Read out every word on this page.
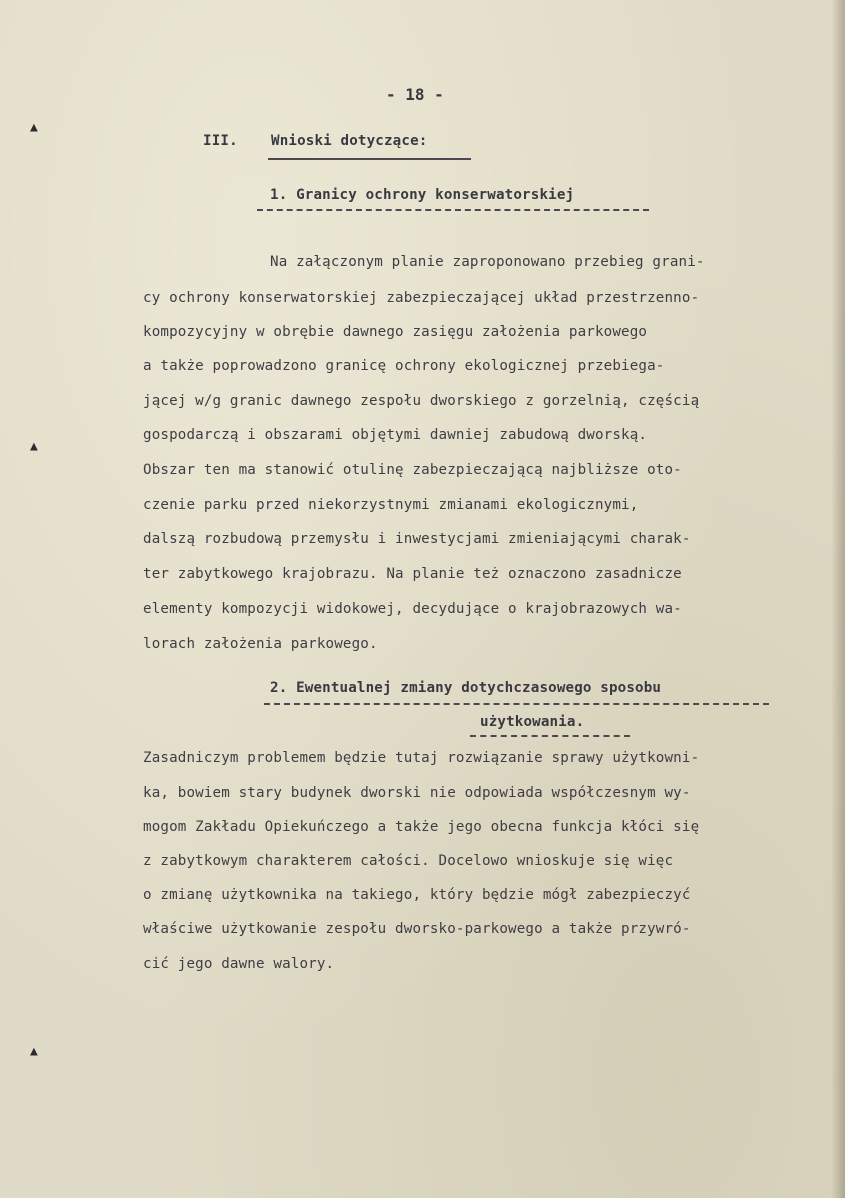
▲
▲
▲
- 18 -
III. Wnioski dotyczące:
1. Granicy ochrony konserwatorskiej
Na załączonym planie zaproponowano przebieg grani-
cy ochrony konserwatorskiej zabezpieczającej układ przestrzenno-
kompozycyjny w obrębie dawnego zasięgu założenia parkowego
a także poprowadzono granicę ochrony ekologicznej przebiega-
jącej w/g granic dawnego zespołu dworskiego z gorzelnią, częścią
gospodarczą i obszarami objętymi dawniej zabudową dworską.
Obszar ten ma stanowić otulinę zabezpieczającą najbliższe oto-
czenie parku przed niekorzystnymi zmianami ekologicznymi,
dalszą rozbudową przemysłu i inwestycjami zmieniającymi charak-
ter zabytkowego krajobrazu. Na planie też oznaczono zasadnicze
elementy kompozycji widokowej, decydujące o krajobrazowych wa-
lorach założenia parkowego.
2. Ewentualnej zmiany dotychczasowego sposobu
użytkowania.
Zasadniczym problemem będzie tutaj rozwiązanie sprawy użytkowni-
ka, bowiem stary budynek dworski nie odpowiada współczesnym wy-
mogom Zakładu Opiekuńczego a także jego obecna funkcja kłóci się
z zabytkowym charakterem całości. Docelowo wnioskuje się więc
o zmianę użytkownika na takiego, który będzie mógł zabezpieczyć
właściwe użytkowanie zespołu dworsko-parkowego a także przywró-
cić jego dawne walory.
